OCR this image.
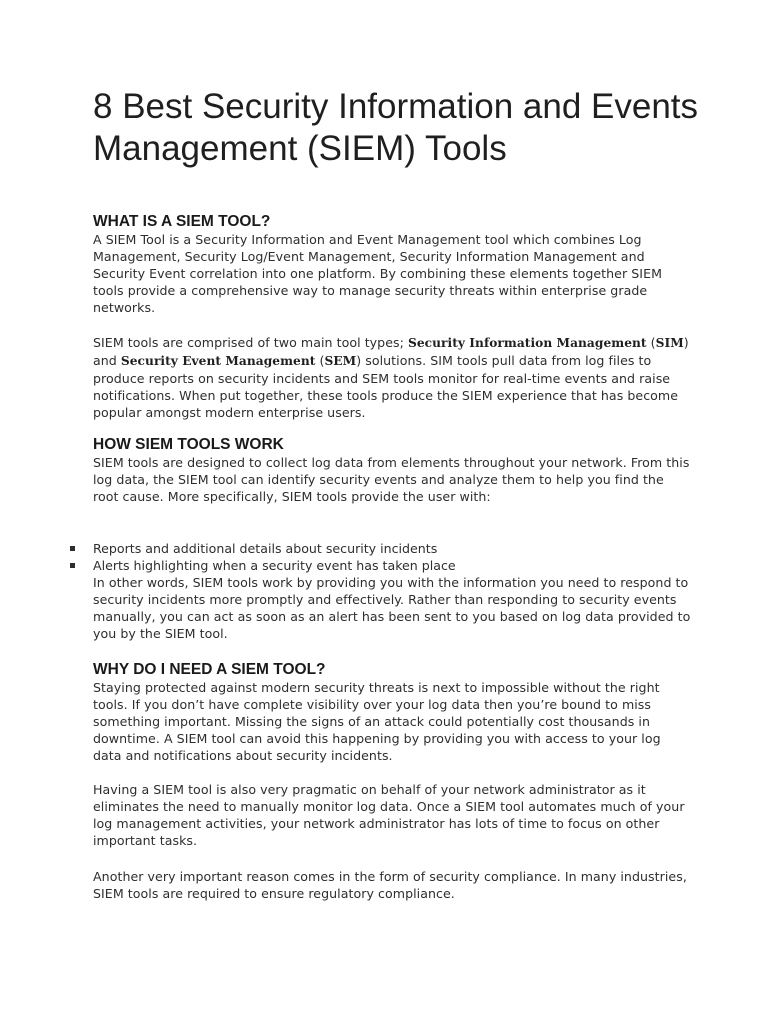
8 Best Security Information and Events Management (SIEM) Tools
WHAT IS A SIEM TOOL?

A SIEM Tool is a Security Information and Event Management tool which combines Log Management, Security Log/Event Management, Security Information Management and Security Event correlation into one platform. By combining these elements together SIEM tools provide a comprehensive way to manage security threats within enterprise grade networks.

SIEM tools are comprised of two main tool types; Security Information Management (SIM) and Security Event Management (SEM) solutions. SIM tools pull data from log files to produce reports on security incidents and SEM tools monitor for real-time events and raise notifications. When put together, these tools produce the SIEM experience that has become popular amongst modern enterprise users.

HOW SIEM TOOLS WORK

SIEM tools are designed to collect log data from elements throughout your network. From this log data, the SIEM tool can identify security events and analyze them to help you find the root cause. More specifically, SIEM tools provide the user with:

Reports and additional details about security incidents
Alerts highlighting when a security event has taken place

In other words, SIEM tools work by providing you with the information you need to respond to security incidents more promptly and effectively. Rather than responding to security events manually, you can act as soon as an alert has been sent to you based on log data provided to you by the SIEM tool.

WHY DO I NEED A SIEM TOOL?

Staying protected against modern security threats is next to impossible without the right tools. If you don’t have complete visibility over your log data then you’re bound to miss something important. Missing the signs of an attack could potentially cost thousands in downtime. A SIEM tool can avoid this happening by providing you with access to your log data and notifications about security incidents.

Having a SIEM tool is also very pragmatic on behalf of your network administrator as it eliminates the need to manually monitor log data. Once a SIEM tool automates much of your log management activities, your network administrator has lots of time to focus on other important tasks.

Another very important reason comes in the form of security compliance. In many industries, SIEM tools are required to ensure regulatory compliance.
